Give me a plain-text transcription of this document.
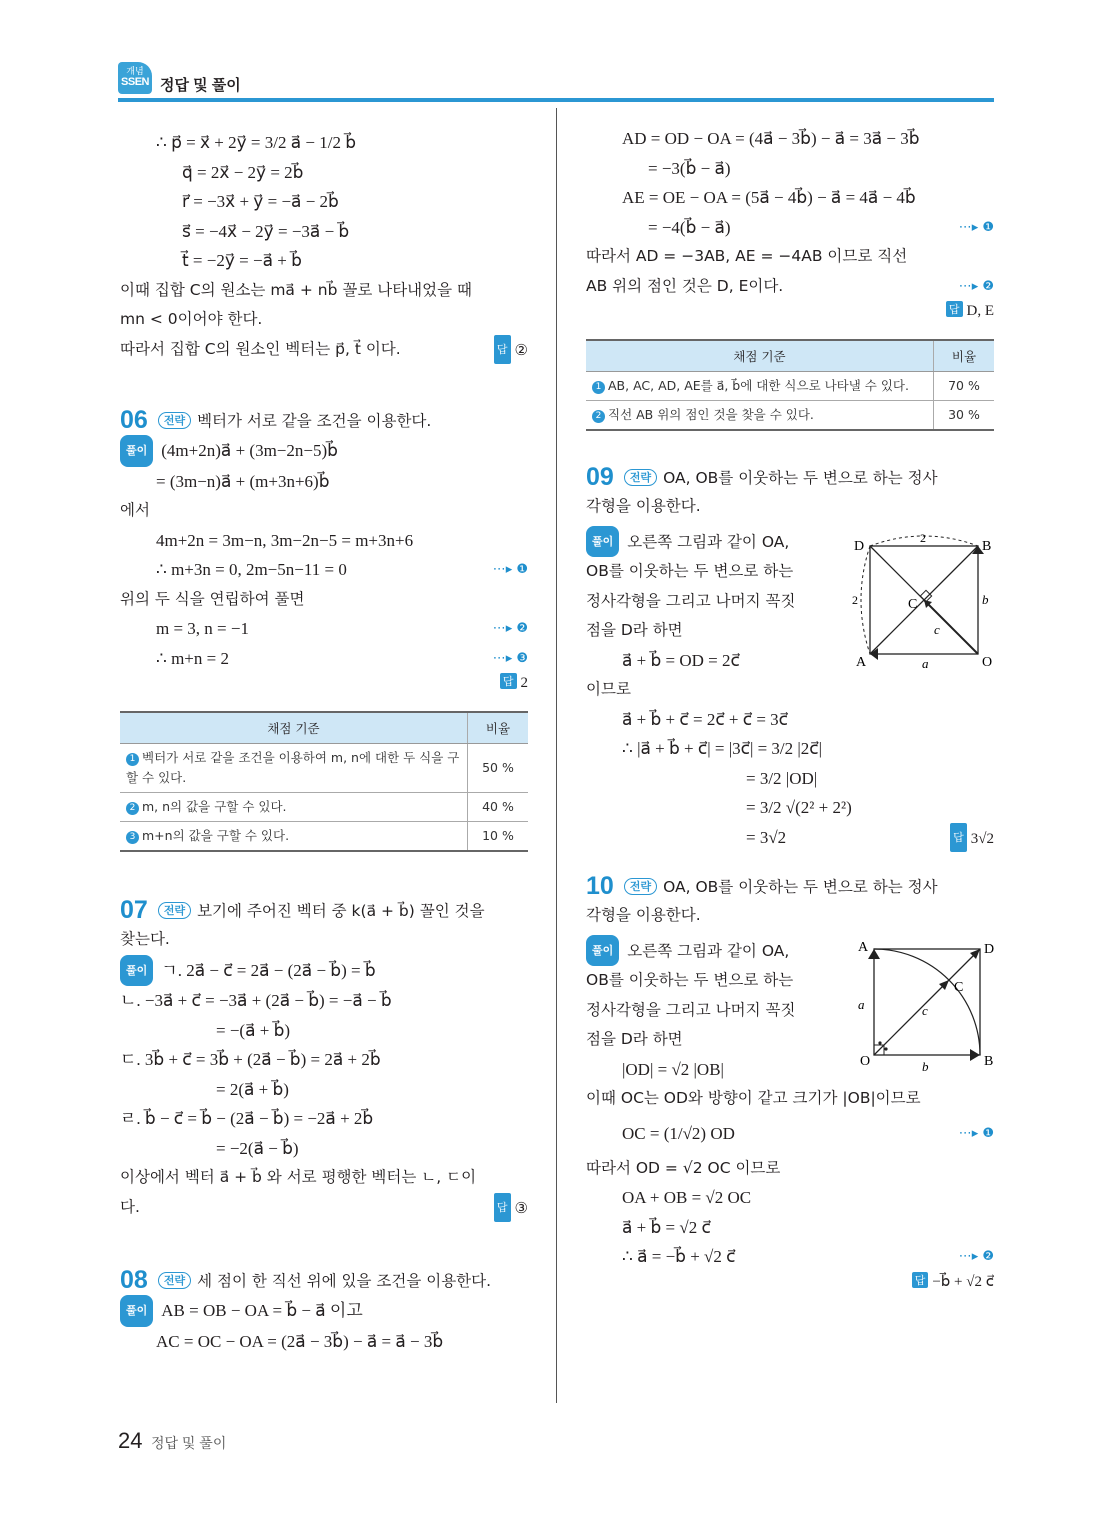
개념
SSEN 정답 및 풀이
∴ p⃗ = x⃗ + 2y⃗ = 3/2 a⃗ − 1/2 b⃗
q⃗ = 2x⃗ − 2y⃗ = 2b⃗
r⃗ = −3x⃗ + y⃗ = −a⃗ − 2b⃗
s⃗ = −4x⃗ − 2y⃗ = −3a⃗ − b⃗
t⃗ = −2y⃗ = −a⃗ + b⃗
이때 집합 C의 원소는 ma⃗ + nb⃗ 꼴로 나타내었을 때
mn < 0이어야 한다.
따라서 집합 C의 원소인 벡터는 p⃗, t⃗ 이다.	답 ②
06 전략 벡터가 서로 같을 조건을 이용한다.
풀이 (4m+2n)a⃗ + (3m−2n−5)b⃗
= (3m−n)a⃗ + (m+3n+6)b⃗
에서
4m+2n = 3m−n, 3m−2n−5 = m+3n+6
∴ m+3n = 0, 2m−5n−11 = 0	⋯▸ ❶
위의 두 식을 연립하여 풀면
m = 3, n = −1	⋯▸ ❷
∴ m+n = 2	⋯▸ ❸
답 2
채점 기준	비율
1 벡터가 서로 같을 조건을 이용하여 m, n에 대한 두 식을 구할 수 있다.	50 %
2 m, n의 값을 구할 수 있다.	40 %
3 m+n의 값을 구할 수 있다.	10 %
07 전략 보기에 주어진 벡터 중 k(a⃗ + b⃗) 꼴인 것을
찾는다.
풀이 ㄱ. 2a⃗ − c⃗ = 2a⃗ − (2a⃗ − b⃗) = b⃗
ㄴ. −3a⃗ + c⃗ = −3a⃗ + (2a⃗ − b⃗) = −a⃗ − b⃗
= −(a⃗ + b⃗)
ㄷ. 3b⃗ + c⃗ = 3b⃗ + (2a⃗ − b⃗) = 2a⃗ + 2b⃗
= 2(a⃗ + b⃗)
ㄹ. b⃗ − c⃗ = b⃗ − (2a⃗ − b⃗) = −2a⃗ + 2b⃗
= −2(a⃗ − b⃗)
이상에서 벡터 a⃗ + b⃗ 와 서로 평행한 벡터는 ㄴ, ㄷ이
다.	답 ③
08 전략 세 점이 한 직선 위에 있을 조건을 이용한다.
풀이 AB = OB − OA = b⃗ − a⃗ 이고
AC = OC − OA = (2a⃗ − 3b⃗) − a⃗ = a⃗ − 3b⃗
AD = OD − OA = (4a⃗ − 3b⃗) − a⃗ = 3a⃗ − 3b⃗
= −3(b⃗ − a⃗)
AE = OE − OA = (5a⃗ − 4b⃗) − a⃗ = 4a⃗ − 4b⃗
= −4(b⃗ − a⃗)	⋯▸ ❶
따라서 AD = −3AB, AE = −4AB 이므로 직선
AB 위의 점인 것은 D, E이다.	⋯▸ ❷
답 D, E
채점 기준	비율
1 AB, AC, AD, AE를 a⃗, b⃗에 대한 식으로 나타낼 수 있다.	70 %
2 직선 AB 위의 점인 것을 찾을 수 있다.	30 %
09 전략 OA, OB를 이웃하는 두 변으로 하는 정사
각형을 이용한다.
풀이 오른쪽 그림과 같이 OA,
OB를 이웃하는 두 변으로 하는
정사각형을 그리고 나머지 꼭짓
점을 D라 하면
a⃗ + b⃗ = OD = 2c⃗
D	B
A	O
C
2
2	b⃗
c⃗
a⃗
이므로
a⃗ + b⃗ + c⃗ = 2c⃗ + c⃗ = 3c⃗
∴ |a⃗ + b⃗ + c⃗| = |3c⃗| = 3/2 |2c⃗|
= 3/2 |OD|
= 3/2 √(2² + 2²)
= 3√2	답 3√2
10 전략 OA, OB를 이웃하는 두 변으로 하는 정사
각형을 이용한다.
풀이 오른쪽 그림과 같이 OA,
OB를 이웃하는 두 변으로 하는
정사각형을 그리고 나머지 꼭짓
점을 D라 하면
|OD| = √2 |OB|
A	D
C
O	B
a⃗
b⃗
c⃗
이때 OC는 OD와 방향이 같고 크기가 |OB|이므로
OC = (1/√2) OD	⋯▸ ❶
따라서 OD = √2 OC 이므로
OA + OB = √2 OC
a⃗ + b⃗ = √2 c⃗
∴ a⃗ = −b⃗ + √2 c⃗	⋯▸ ❷
답 −b⃗ + √2 c⃗
24 정답 및 풀이
